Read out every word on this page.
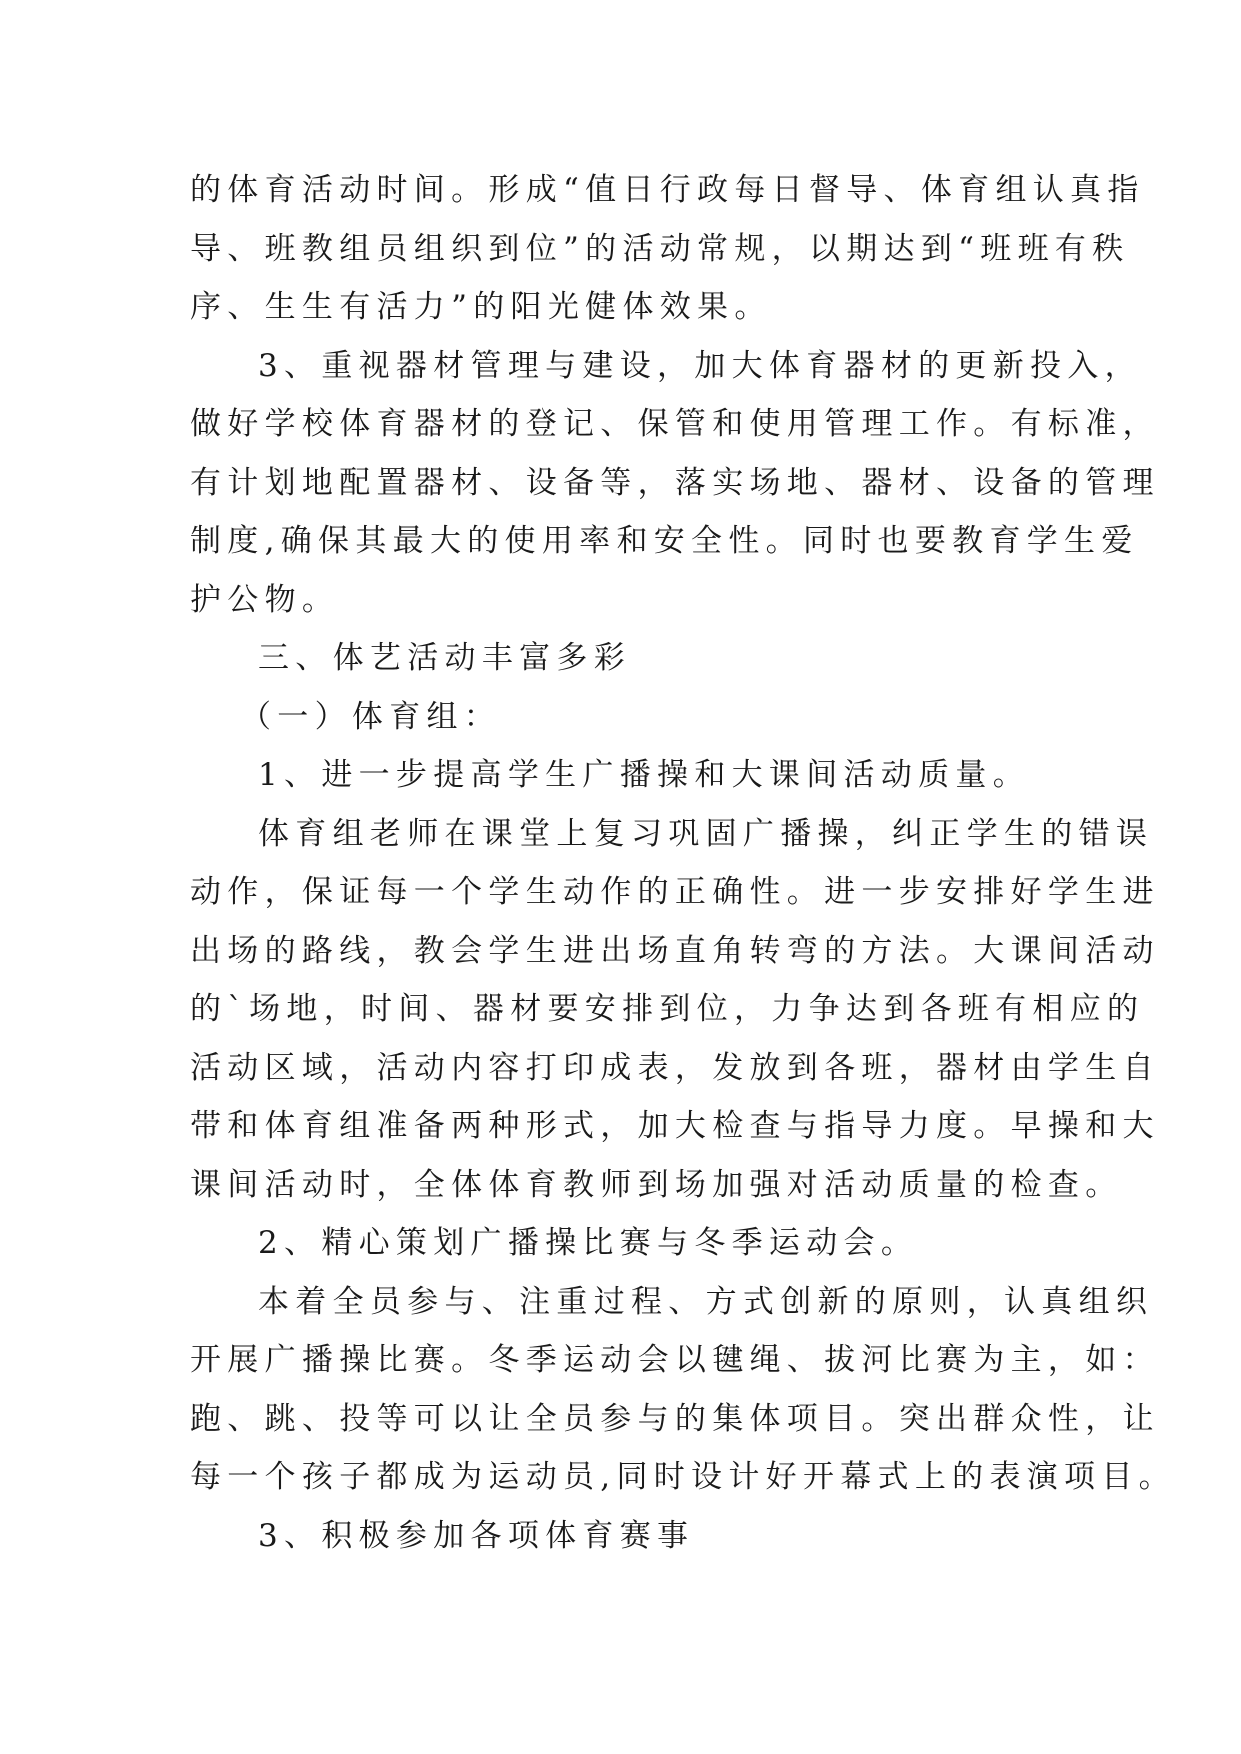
的体育活动时间。形成“值日行政每日督导、体育组认真指
导、班教组员组织到位”的活动常规，以期达到“班班有秩
序、生生有活力”的阳光健体效果。
3、重视器材管理与建设，加大体育器材的更新投入，
做好学校体育器材的登记、保管和使用管理工作。有标准，
有计划地配置器材、设备等，落实场地、器材、设备的管理
制度,确保其最大的使用率和安全性。同时也要教育学生爱
护公物。
三、体艺活动丰富多彩
（一）体育组：
1、进一步提高学生广播操和大课间活动质量。
体育组老师在课堂上复习巩固广播操，纠正学生的错误
动作，保证每一个学生动作的正确性。进一步安排好学生进
出场的路线，教会学生进出场直角转弯的方法。大课间活动
的`场地，时间、器材要安排到位，力争达到各班有相应的
活动区域，活动内容打印成表，发放到各班，器材由学生自
带和体育组准备两种形式，加大检查与指导力度。早操和大
课间活动时，全体体育教师到场加强对活动质量的检查。
2、精心策划广播操比赛与冬季运动会。
本着全员参与、注重过程、方式创新的原则，认真组织
开展广播操比赛。冬季运动会以毽绳、拔河比赛为主，如：
跑、跳、投等可以让全员参与的集体项目。突出群众性，让
每一个孩子都成为运动员,同时设计好开幕式上的表演项目。
3、积极参加各项体育赛事
